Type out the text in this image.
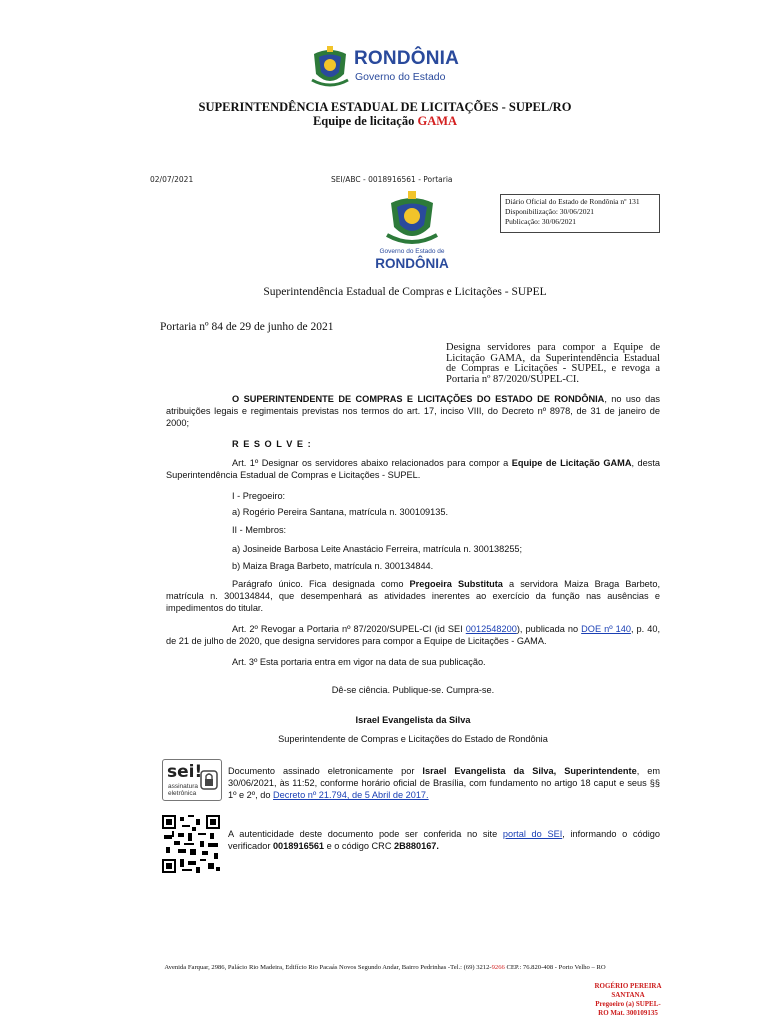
RONDÔNIA
Governo do Estado
SUPERINTENDÊNCIA ESTADUAL DE LICITAÇÕES - SUPEL/RO
Equipe de licitação GAMA
02/07/2021	SEI/ABC - 0018916561 - Portaria
Diário Oficial do Estado de Rondônia nº 131
Disponibilização: 30/06/2021
Publicação: 30/06/2021
Governo do Estado de
RONDÔNIA
Superintendência Estadual de Compras e Licitações - SUPEL
Portaria nº 84 de 29 de junho de 2021
Designa servidores para compor a Equipe de Licitação GAMA, da Superintendência Estadual de Compras e Licitações - SUPEL, e revoga a Portaria nº 87/2020/SUPEL-CI.
O SUPERINTENDENTE DE COMPRAS E LICITAÇÕES DO ESTADO DE RONDÔNIA, no uso das atribuições legais e regimentais previstas nos termos do art. 17, inciso VIII, do Decreto nº 8978, de 31 de janeiro de 2000;
R E S O L V E :
Art. 1º Designar os servidores abaixo relacionados para compor a Equipe de Licitação GAMA, desta Superintendência Estadual de Compras e Licitações - SUPEL.
I - Pregoeiro:
a) Rogério Pereira Santana, matrícula n. 300109135.
II - Membros:
a) Josineide Barbosa Leite Anastácio Ferreira, matrícula n. 300138255;
b) Maiza Braga Barbeto, matrícula n. 300134844.
Parágrafo único. Fica designada como Pregoeira Substituta a servidora Maiza Braga Barbeto, matrícula n. 300134844, que desempenhará as atividades inerentes ao exercício da função nas ausências e impedimentos do titular.
Art. 2º Revogar a Portaria nº 87/2020/SUPEL-CI (id SEI 0012548200), publicada no DOE nº 140, p. 40, de 21 de julho de 2020, que designa servidores para compor a Equipe de Licitações - GAMA.
Art. 3º Esta portaria entra em vigor na data de sua publicação.
Dê-se ciência. Publique-se. Cumpra-se.
Israel Evangelista da Silva
Superintendente de Compras e Licitações do Estado de Rondônia
sei!
assinatura
eletrônica
Documento assinado eletronicamente por Israel Evangelista da Silva, Superintendente, em 30/06/2021, às 11:52, conforme horário oficial de Brasília, com fundamento no artigo 18 caput e seus §§ 1º e 2º, do Decreto nº 21.794, de 5 Abril de 2017.
A autenticidade deste documento pode ser conferida no site portal do SEI, informando o código verificador 0018916561 e o código CRC 2B880167.
Avenida Farquar, 2986, Palácio Rio Madeira, Edifício Rio Pacaás Novos Segundo Andar, Bairro Pedrinhas -Tel.: (69) 3212-9266 CEP.: 76.820-408 - Porto Velho – RO
ROGÉRIO PEREIRA
SANTANA
Pregoeiro (a) SUPEL-
RO Mat. 300109135
